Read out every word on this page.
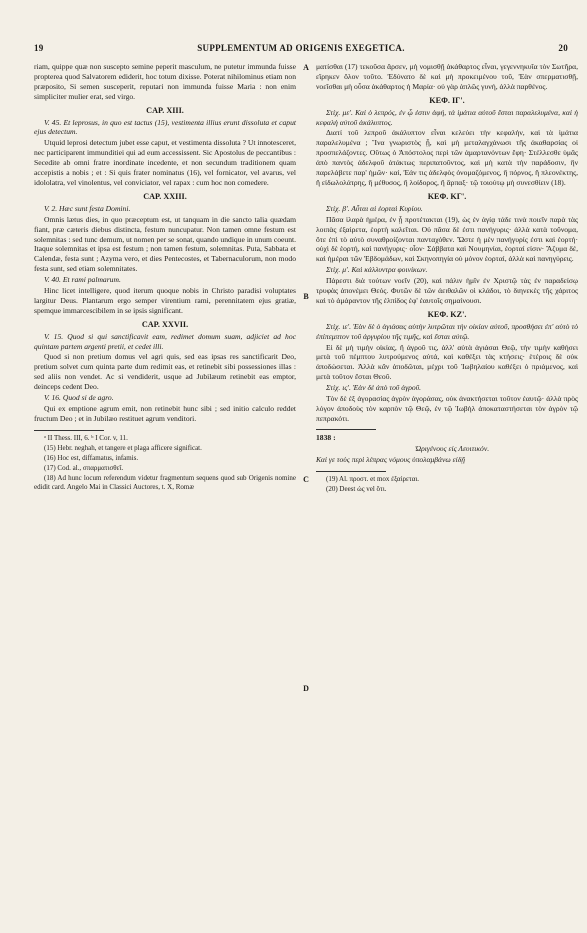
19	SUPPLEMENTUM AD ORIGENIS EXEGETICA.	20
A
B
C
D

riam, quippe quæ non suscepto semine peperit masculum, ne putetur immunda fuisse propterea quod Salvatorem ediderit, hoc totum dixisse. Poterat nihilominus etiam non præposito, Si semen susceperit, reputari non immunda fuisse Maria : non enim simpliciter mulier erat, sed virgo.

CAP. XIII.

V. 45. Et leprosus, in quo est tactus (15), vestimenta illius erunt dissoluta et caput ejus detectum.

Utquid leprosi detectum jubet esse caput, et vestimenta dissoluta ? Ut innotesceret, nec participarent immunditiei qui ad eum accessissent. Sic Apostolus de peccantibus : Secedite ab omni fratre inordinate incedente, et non secundum traditionem quam accepistis a nobis ; et : Si quis frater nominatus (16), vel fornicator, vel avarus, vel idololatra, vel vinolentus, vel conviciator, vel rapax : cum hoc non comedere.

CAP. XXIII.

V. 2. Hæc sunt festa Domini.

Omnis lætus dies, in quo præceptum est, ut tanquam in die sancto talia quædam fiant, præ cæteris diebus distincta, festum nuncupatur. Non tamen omne festum est solemnitas : sed tunc demum, ut nomen per se sonat, quando undique in unum coeunt. Itaque solemnitas et ipsa est festum ; non tamen festum, solemnitas. Puta, Sabbata et Calendæ, festa sunt ; Azyma vero, et dies Pentecostes, et Tabernaculorum, non modo festa sunt, sed etiam solemnitates.

V. 40. Et rami palmarum.

Hinc licet intelligere, quod iterum quoque nobis in Christo paradisi voluptates largitur Deus. Plantarum ergo semper virentium rami, perennitatem ejus gratiæ, spemque immarcescibilem in se ipsis significant.

CAP. XXVII.

V. 15. Quod si qui sanctificavit eam, redimet domum suam, adjiciet ad hoc quintam partem argenti pretii, et cedet illi.

Quod si non pretium domus vel agri quis, sed eas ipsas res sanctificarit Deo, pretium solvet cum quinta parte dum redimit eas, et retinebit sibi possessiones illas : sed aliis non vendet. Ac si vendiderit, usque ad Jubilæum retinebit eas emptor, deinceps cedent Deo.

V. 16. Quod si de agro.

Qui ex emptione agrum emit, non retinebit hunc sibi ; sed initio calculo reddet fructum Deo ; et in Jubilæo restituet agrum venditori.

ᵃ II Thess. III, 6. ᵇ I Cor. v, 11.

(15) Hebr. neghah, et tangere et plaga afficere significat.

(16) Hoc est, diffamatus, infamis.

(17) Cod. al., σπαρματισθεῖ.

(18) Ad hunc locum referendum videtur fragmentum sequens quod sub Origenis nomine edidit card. Angelo Mai in Classici Auctores, t. X, Romæ

ματίσθαι (17) τεκοῦσα ἄρσεν, μὴ νομισθῇ ἀκάθαρτος εἶναι, γεγεννηκυῖα τὸν Σωτῆρα, εἴρηκεν ὅλον τοῦτο. Ἐδύνατο δὲ καὶ μὴ προκειμένου τοῦ, Ἐὰν σπερματισθῇ, νοεῖσθαι μὴ οὖσα ἀκάθαρτος ἡ Μαρία· οὐ γὰρ ἁπλῶς γυνή, ἀλλὰ παρθένος.

ΚΕΦ. ΙΓ'.

Στίχ. με'. Καὶ ὁ λεπρός, ἐν ᾧ ἐστιν ἁφή, τὰ ἱμάτια αὐτοῦ ἔσται παραλελυμένα, καὶ ἡ κεφαλὴ αὐτοῦ ἀκάλυπτος.

Διατί τοῦ λεπροῦ ἀκάλυπτον εἶναι κελεύει τὴν κεφαλήν, καὶ τὰ ἱμάτια παραλελυμένα ; Ἵνα γνωριστὸς ᾖ, καὶ μὴ μεταλαγχάνωσι τῆς ἀκαθαρσίας οἱ προσπελάζοντες. Οὕτως ὁ Ἀπόστολος περὶ τῶν ἁμαρτανόντων ἔφη· Στέλλεσθε ὑμᾶς ἀπὸ παντὸς ἀδελφοῦ ἀτάκτως περιπατοῦντος, καὶ μὴ κατὰ τὴν παράδοσιν, ἣν παρελάβετε παρ' ἡμῶν· καί, Ἐάν τις ἀδελφὸς ὀνομαζόμενος, ἢ πόρνος, ἢ πλεονέκτης, ἢ εἰδωλολάτρης, ἢ μέθυσος, ἢ λοίδορος, ἢ ἅρπαξ· τῷ τοιούτῳ μὴ συνεσθίειν (18).

ΚΕΦ. ΚΓ'.

Στίχ. β'. Αὗται αἱ ἑορταὶ Κυρίου.

Πᾶσα ἱλαρὰ ἡμέρα, ἐν ᾗ προτέτακται (19), ὡς ἐν ἁγίᾳ τάδε τινὰ ποιεῖν παρὰ τὰς λοιπὰς ἐξαίρετα, ἑορτὴ καλεῖται. Οὐ πᾶσα δὲ ἐστι πανήγυρις· ἀλλὰ κατὰ τοὔνομα, ὅτε ἐπὶ τὸ αὐτὸ συναθροίζονται πανταχόθεν. Ὥστε ἡ μὲν πανήγυρίς ἐστι καὶ ἑορτή· οὐχὶ δὲ ἑορτή, καὶ πανήγυρις· οἷον· Σάββατα καὶ Νουμηνίαι, ἑορταί εἰσιν· Ἄζυμα δέ, καὶ ἡμέραι τῶν Ἑβδομάδων, καὶ Σκηνοπηγία οὐ μόνον ἑορταί, ἀλλὰ καὶ πανηγύρεις.

Στίχ. μ'. Καὶ κάλλυντρα φοινίκων.

Πάρεστι διὰ τούτων νοεῖν (20), καὶ πάλιν ἡμῖν ἐν Χριστῷ τὰς ἐν παραδείσῳ τρυφὰς ἀπονέμει Θεός. Φυτῶν δὲ τῶν ἀειθαλῶν οἱ κλάδοι, τὸ διηνεκὲς τῆς χάριτος καὶ τὸ ἀμάραντον τῆς ἐλπίδος ἐφ' ἑαυτοῖς σημαίνουσι.

ΚΕΦ. ΚΖ'.

Στίχ. ιε'. Ἐὰν δὲ ὁ ἁγιάσας αὐτὴν λυτρῶται τὴν οἰκίαν αὐτοῦ, προσθήσει ἐπ' αὐτὸ τὸ ἐπίπεμπτον τοῦ ἀργυρίου τῆς τιμῆς, καὶ ἔσται αὐτῷ.

Εἰ δὲ μὴ τιμὴν οἰκίας, ἢ ἀγροῦ τις, ἀλλ' αὐτὰ ἁγιάσαι Θεῷ, τὴν τιμὴν καθήσει μετὰ τοῦ πέμπτου λυτρούμενος αὐτά, καὶ καθέξει τὰς κτήσεις· ἑτέροις δὲ οὐκ ἀποδώσεται. Ἀλλὰ κἂν ἀποδῶται, μέχρι τοῦ Ἰωβηλαίου καθέξει ὁ πριάμενος, καὶ μετὰ τοῦτον ἔσται Θεοῦ.

Στίχ. ις'. Ἐὰν δὲ ἀπὸ τοῦ ἀγροῦ.

Τὸν δὲ ἐξ ἀγορασίας ἀγρὸν ἀγοράσας, οὐκ ἀνακτήσεται τοῦτον ἑαυτῷ· ἀλλὰ πρὸς λόγον ἀποδοὺς τὸν καρπὸν τῷ Θεῷ, ἐν τῷ Ἰωβὴλ ἀποκαταστήσεται τὸν ἀγρὸν τῷ πεπρακότι.

1838 :

Ὠριγένους εἰς Λευιτικόν.

Καὶ γε τοὺς περὶ λέπρας νόμους ὑπολαμβάνω εἰδῇ

(19) Al. προστ. et mox ἐξαίρεται.

(20) Deest ὡς vel ὅτι.
